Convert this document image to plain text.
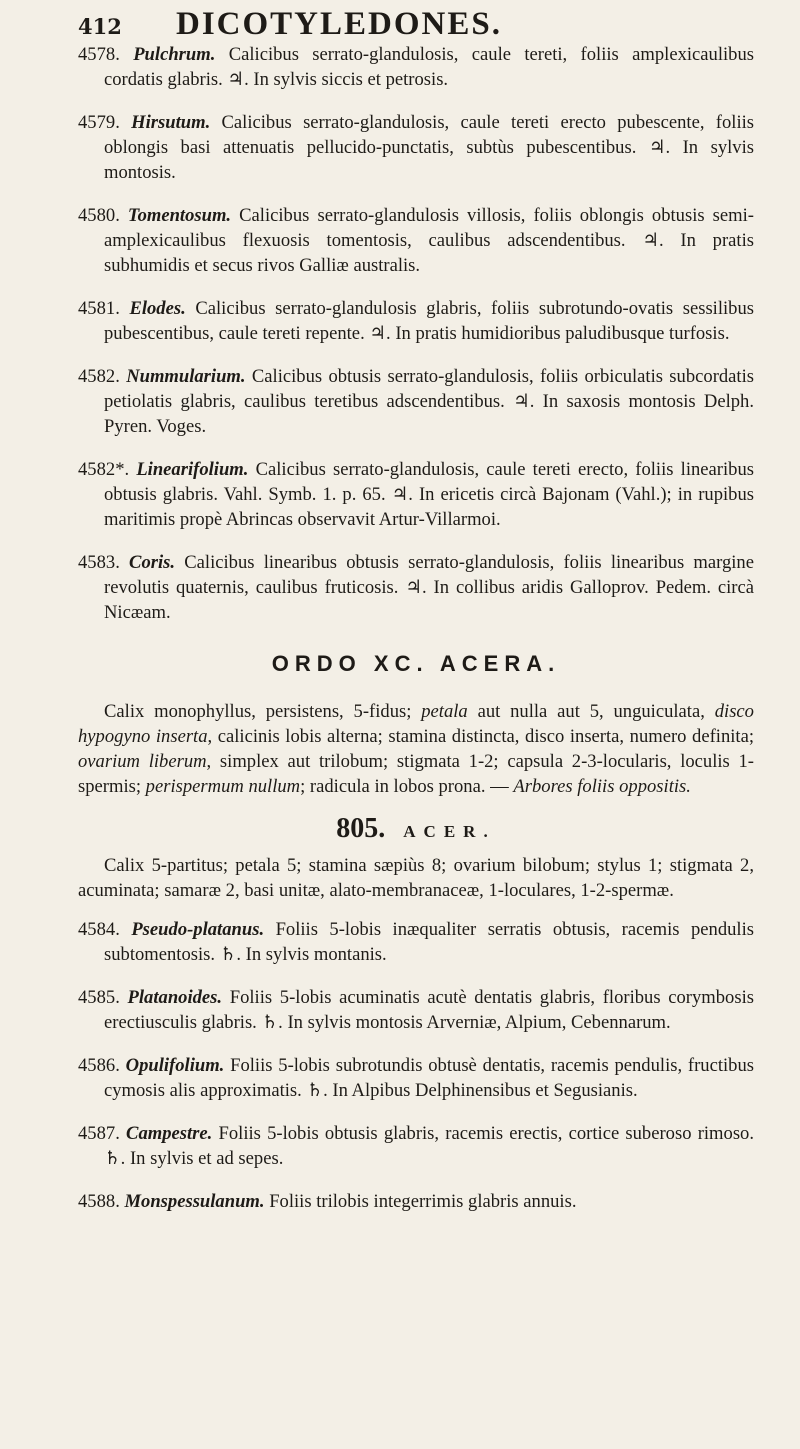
412	DICOTYLEDONES.

4578. Pulchrum. Calicibus serrato-glandulosis, caule tereti, foliis amplexicaulibus cordatis glabris. ♃. In sylvis siccis et petrosis.

4579. Hirsutum. Calicibus serrato-glandulosis, caule tereti erecto pubescente, foliis oblongis basi attenuatis pellucido-punctatis, subtùs pubescentibus. ♃. In sylvis montosis.

4580. Tomentosum. Calicibus serrato-glandulosis villosis, foliis oblongis obtusis semi-amplexicaulibus flexuosis tomentosis, caulibus adscendentibus. ♃. In pratis subhumidis et secus rivos Galliæ australis.

4581. Elodes. Calicibus serrato-glandulosis glabris, foliis subrotundo-ovatis sessilibus pubescentibus, caule tereti repente. ♃. In pratis humidioribus paludibusque turfosis.

4582. Nummularium. Calicibus obtusis serrato-glandulosis, foliis orbiculatis subcordatis petiolatis glabris, caulibus teretibus adscendentibus. ♃. In saxosis montosis Delph. Pyren. Voges.

4582*. Linearifolium. Calicibus serrato-glandulosis, caule tereti erecto, foliis linearibus obtusis glabris. Vahl. Symb. 1. p. 65. ♃. In ericetis circà Bajonam (Vahl.); in rupibus maritimis propè Abrincas observavit Artur-Villarmoi.

4583. Coris. Calicibus linearibus obtusis serrato-glandulosis, foliis linearibus margine revolutis quaternis, caulibus fruticosis. ♃. In collibus aridis Galloprov. Pedem. circà Nicæam.

ORDO XC. ACERA.

Calix monophyllus, persistens, 5-fidus; petala aut nulla aut 5, unguiculata, disco hypogyno inserta, calicinis lobis alterna; stamina distincta, disco inserta, numero definita; ovarium liberum, simplex aut trilobum; stigmata 1-2; capsula 2-3-locularis, loculis 1-spermis; perispermum nullum; radicula in lobos prona. — Arbores foliis oppositis.

805. ACER.

Calix 5-partitus; petala 5; stamina sæpiùs 8; ovarium bilobum; stylus 1; stigmata 2, acuminata; samaræ 2, basi unitæ, alato-membranaceæ, 1-loculares, 1-2-spermæ.

4584. Pseudo-platanus. Foliis 5-lobis inæqualiter serratis obtusis, racemis pendulis subtomentosis. ♄. In sylvis montanis.

4585. Platanoides. Foliis 5-lobis acuminatis acutè dentatis glabris, floribus corymbosis erectiusculis glabris. ♄. In sylvis montosis Arverniæ, Alpium, Cebennarum.

4586. Opulifolium. Foliis 5-lobis subrotundis obtusè dentatis, racemis pendulis, fructibus cymosis alis approximatis. ♄. In Alpibus Delphinensibus et Segusianis.

4587. Campestre. Foliis 5-lobis obtusis glabris, racemis erectis, cortice suberoso rimoso. ♄. In sylvis et ad sepes.

4588. Monspessulanum. Foliis trilobis integerrimis glabris annuis.
